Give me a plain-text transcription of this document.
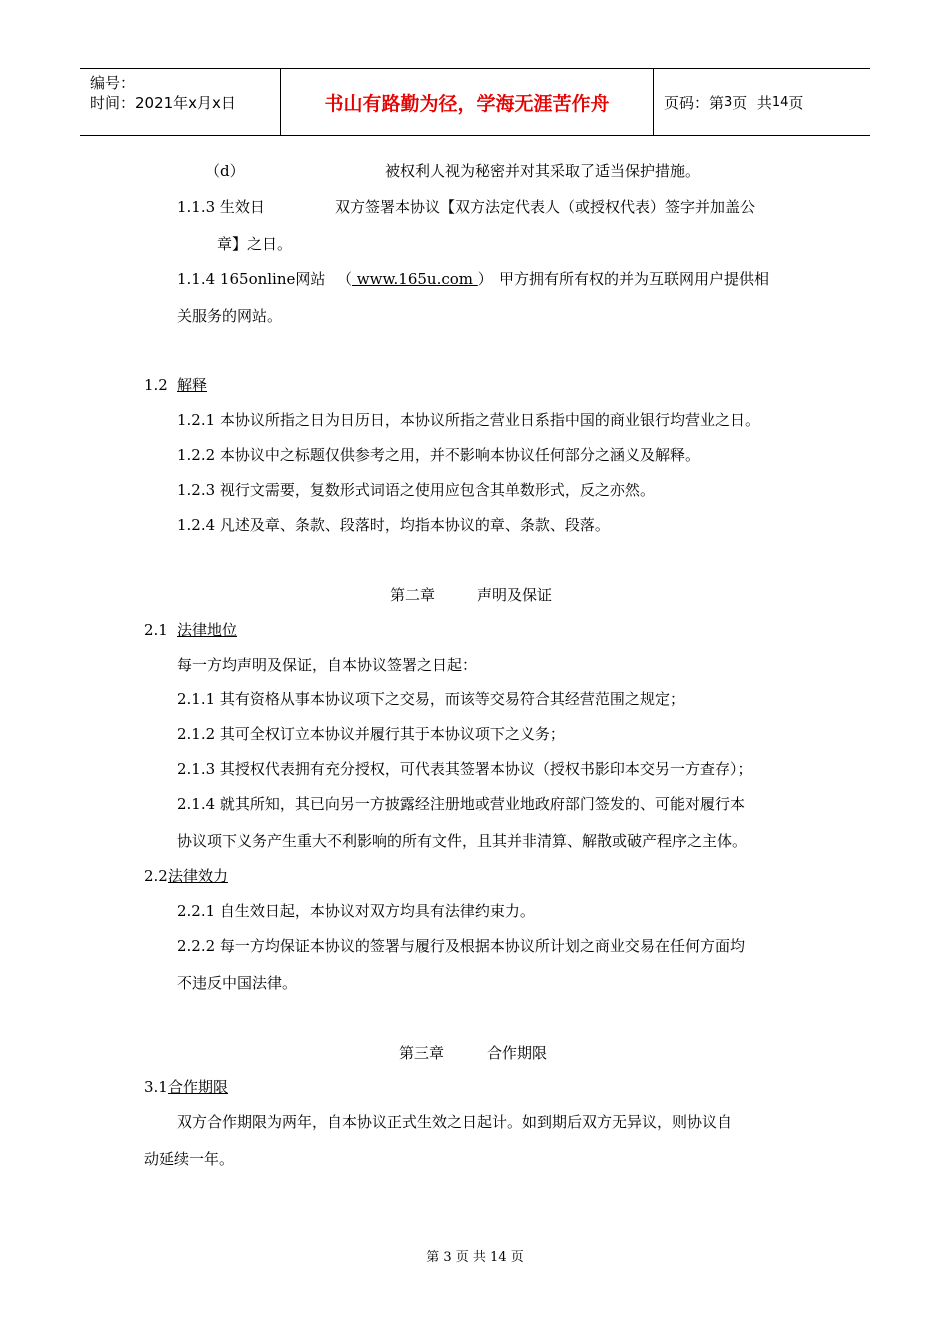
编号：
时间：2021年x月x日	书山有路勤为径，学海无涯苦作舟	页码：第 3 页  共 14 页
（d）	被权利人视为秘密并对其采取了适当保护措施。
1.1.3 生效日	双方签署本协议【双方法定代表人（或授权代表）签字并加盖公
章】之日。
1.1.4 165online网站 （ www.165u.com ） 甲方拥有所有权的并为互联网用户提供相
关服务的网站。
1.2 解释
1.2.1 本协议所指之日为日历日，本协议所指之营业日系指中国的商业银行均营业之日。
1.2.2 本协议中之标题仅供参考之用，并不影响本协议任何部分之涵义及解释。
1.2.3 视行文需要，复数形式词语之使用应包含其单数形式，反之亦然。
1.2.4 凡述及章、条款、段落时，均指本协议的章、条款、段落。
第二章	声明及保证
2.1 法律地位
每一方均声明及保证，自本协议签署之日起：
2.1.1 其有资格从事本协议项下之交易，而该等交易符合其经营范围之规定；
2.1.2 其可全权订立本协议并履行其于本协议项下之义务；
2.1.3 其授权代表拥有充分授权，可代表其签署本协议（授权书影印本交另一方查存）；
2.1.4 就其所知，其已向另一方披露经注册地或营业地政府部门签发的、可能对履行本
协议项下义务产生重大不利影响的所有文件，且其并非清算、解散或破产程序之主体。
2.2 法律效力
2.2.1 自生效日起，本协议对双方均具有法律约束力。
2.2.2 每一方均保证本协议的签署与履行及根据本协议所计划之商业交易在任何方面均
不违反中国法律。
第三章	合作期限
3.1 合作期限
双方合作期限为两年，自本协议正式生效之日起计。如到期后双方无异议，则协议自
动延续一年。
第 3 页 共 14 页
